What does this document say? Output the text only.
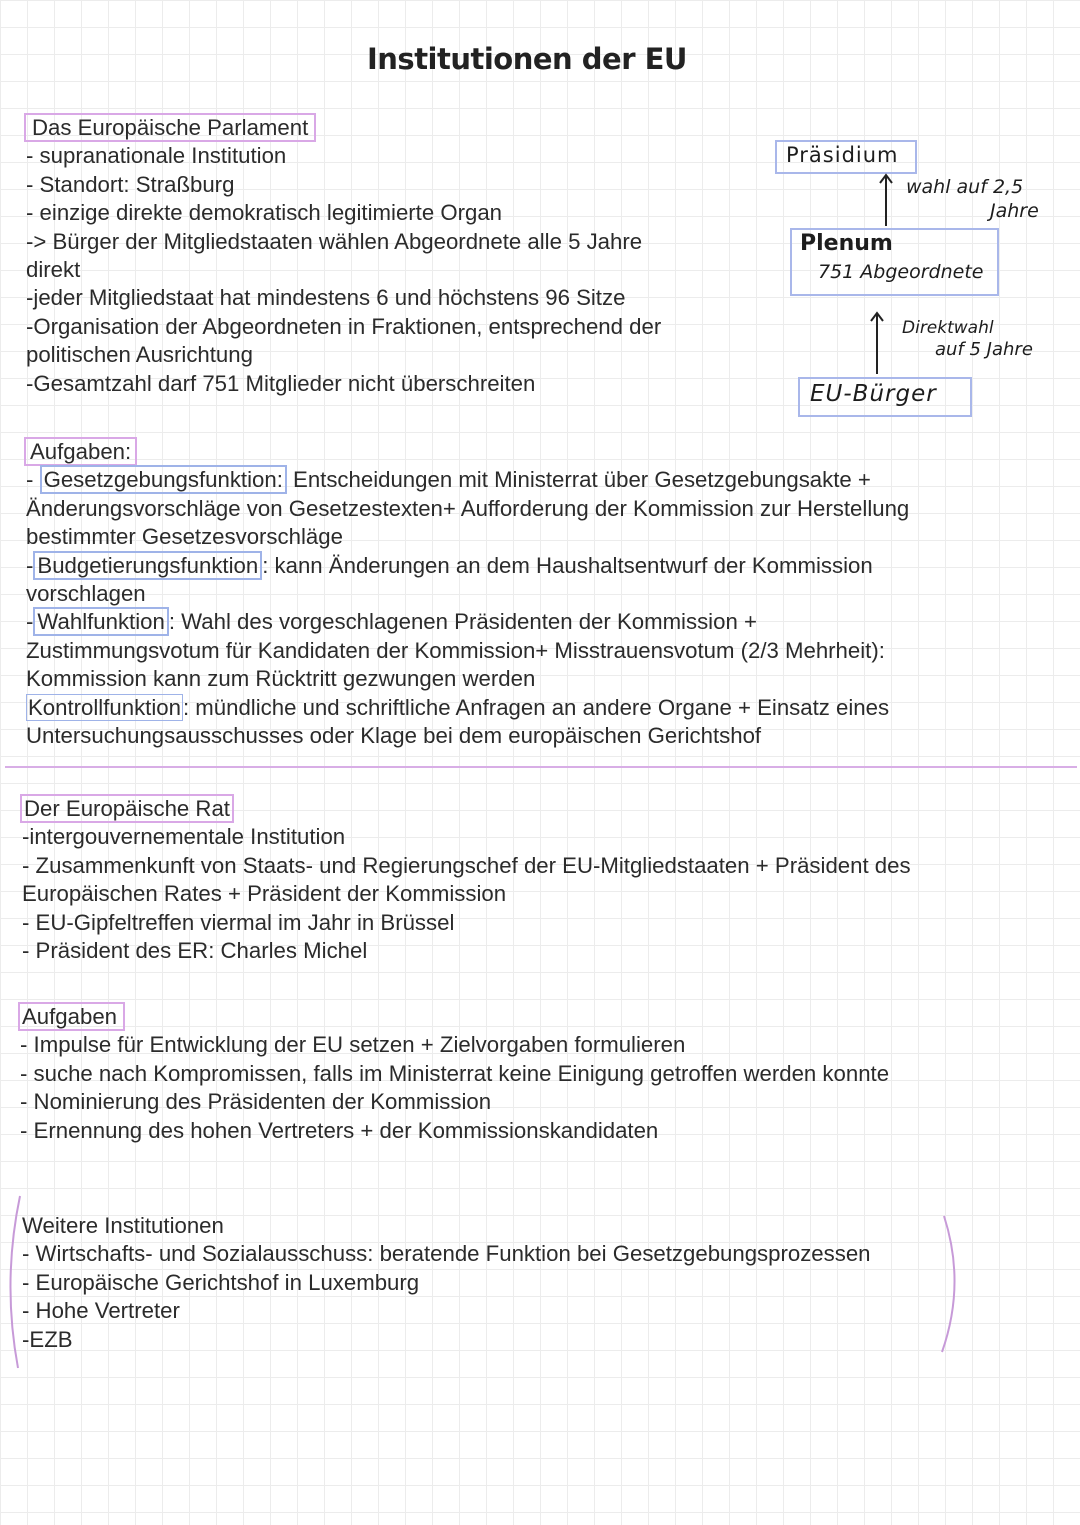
Institutionen der EU
Das Europäische Parlament
- supranationale Institution
- Standort: Straßburg
- einzige direkte demokratisch legitimierte Organ
-> Bürger der Mitgliedstaaten wählen Abgeordnete alle 5 Jahre
direkt
-jeder Mitgliedstaat hat mindestens 6 und höchstens 96 Sitze
-Organisation der Abgeordneten in Fraktionen, entsprechend der
politischen Ausrichtung
-Gesamtzahl darf 751 Mitglieder nicht überschreiten
Präsidium
wahl auf 2,5
Jahre
Plenum
751 Abgeordnete
Direktwahl
auf 5 Jahre
EU-Bürger
Aufgaben:
- Gesetzgebungsfunktion: Entscheidungen mit Ministerrat über Gesetzgebungsakte +
Änderungsvorschläge von Gesetzestexten+ Aufforderung der Kommission zur Herstellung
bestimmter Gesetzesvorschläge
- Budgetierungsfunktion : kann Änderungen an dem Haushaltsentwurf der Kommission
vorschlagen
- Wahlfunktion : Wahl des vorgeschlagenen Präsidenten der Kommission +
Zustimmungsvotum für Kandidaten der Kommission+ Misstrauensvotum (2/3 Mehrheit):
Kommission kann zum Rücktritt gezwungen werden
Kontrollfunktion: mündliche und schriftliche Anfragen an andere Organe + Einsatz eines
Untersuchungsausschusses oder Klage bei dem europäischen Gerichtshof
Der Europäische Rat
-intergouvernementale Institution
- Zusammenkunft von Staats- und Regierungschef der EU-Mitgliedstaaten + Präsident des
Europäischen Rates + Präsident der Kommission
- EU-Gipfeltreffen viermal im Jahr in Brüssel
- Präsident des ER: Charles Michel
Aufgaben
- Impulse für Entwicklung der EU setzen + Zielvorgaben formulieren
- suche nach Kompromissen, falls im Ministerrat keine Einigung getroffen werden konnte
- Nominierung des Präsidenten der Kommission
- Ernennung des hohen Vertreters + der Kommissionskandidaten
Weitere Institutionen
- Wirtschafts- und Sozialausschuss: beratende Funktion bei Gesetzgebungsprozessen
- Europäische Gerichtshof in Luxemburg
- Hohe Vertreter
-EZB
